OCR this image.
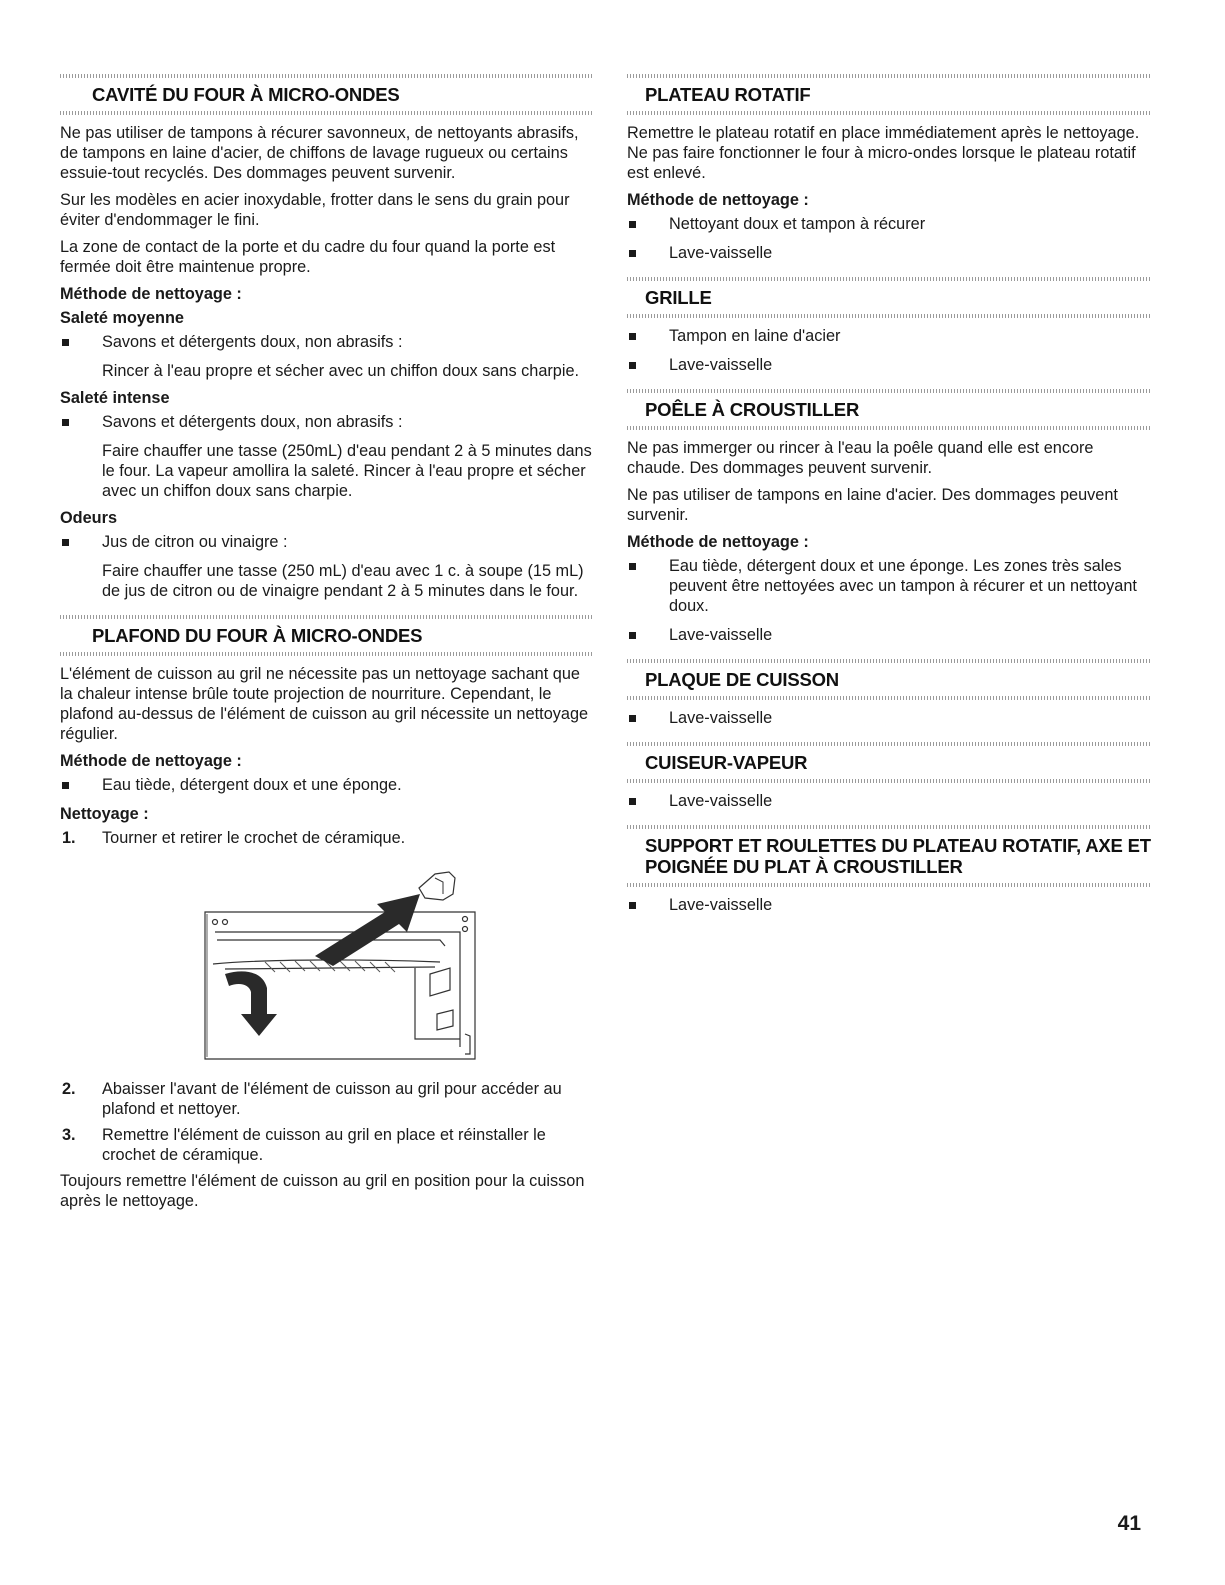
CAVITÉ DU FOUR À MICRO-ONDES

Ne pas utiliser de tampons à récurer savonneux, de nettoyants abrasifs, de tampons en laine d'acier, de chiffons de lavage rugueux ou certains essuie-tout recyclés. Des dommages peuvent survenir.

Sur les modèles en acier inoxydable, frotter dans le sens du grain pour éviter d'endommager le fini.

La zone de contact de la porte et du cadre du four quand la porte est fermée doit être maintenue propre.

Méthode de nettoyage :

Saleté moyenne

Savons et détergents doux, non abrasifs :

Rincer à l'eau propre et sécher avec un chiffon doux sans charpie.

Saleté intense

Savons et détergents doux, non abrasifs :

Faire chauffer une tasse (250mL) d'eau pendant 2 à 5 minutes dans le four. La vapeur amollira la saleté. Rincer à l'eau propre et sécher avec un chiffon doux sans charpie.

Odeurs

Jus de citron ou vinaigre :

Faire chauffer une tasse (250 mL) d'eau avec 1 c. à soupe (15 mL) de jus de citron ou de vinaigre pendant 2 à 5 minutes dans le four.

PLAFOND DU FOUR À MICRO-ONDES

L'élément de cuisson au gril ne nécessite pas un nettoyage sachant que la chaleur intense brûle toute projection de nourriture. Cependant, le plafond au-dessus de l'élément de cuisson au gril nécessite un nettoyage régulier.

Méthode de nettoyage :

Eau tiède, détergent doux et une éponge.

Nettoyage :

1. Tourner et retirer le crochet de céramique.
2. Abaisser l'avant de l'élément de cuisson au gril pour accéder au plafond et nettoyer.
3. Remettre l'élément de cuisson au gril en place et réinstaller le crochet de céramique.

Toujours remettre l'élément de cuisson au gril en position pour la cuisson après le nettoyage.

PLATEAU ROTATIF

Remettre le plateau rotatif en place immédiatement après le nettoyage. Ne pas faire fonctionner le four à micro-ondes lorsque le plateau rotatif est enlevé.

Méthode de nettoyage :

Nettoyant doux et tampon à récurer
Lave-vaisselle
GRILLE
Tampon en laine d'acier
Lave-vaisselle
POÊLE À CROUSTILLER

Ne pas immerger ou rincer à l'eau la poêle quand elle est encore chaude. Des dommages peuvent survenir.

Ne pas utiliser de tampons en laine d'acier. Des dommages peuvent survenir.

Méthode de nettoyage :

Eau tiède, détergent doux et une éponge. Les zones très sales peuvent être nettoyées avec un tampon à récurer et un nettoyant doux.
Lave-vaisselle
PLAQUE DE CUISSON
Lave-vaisselle
CUISEUR-VAPEUR
Lave-vaisselle
SUPPORT ET ROULETTES DU PLATEAU ROTATIF, AXE ET POIGNÉE DU PLAT À CROUSTILLER
Lave-vaisselle
41
